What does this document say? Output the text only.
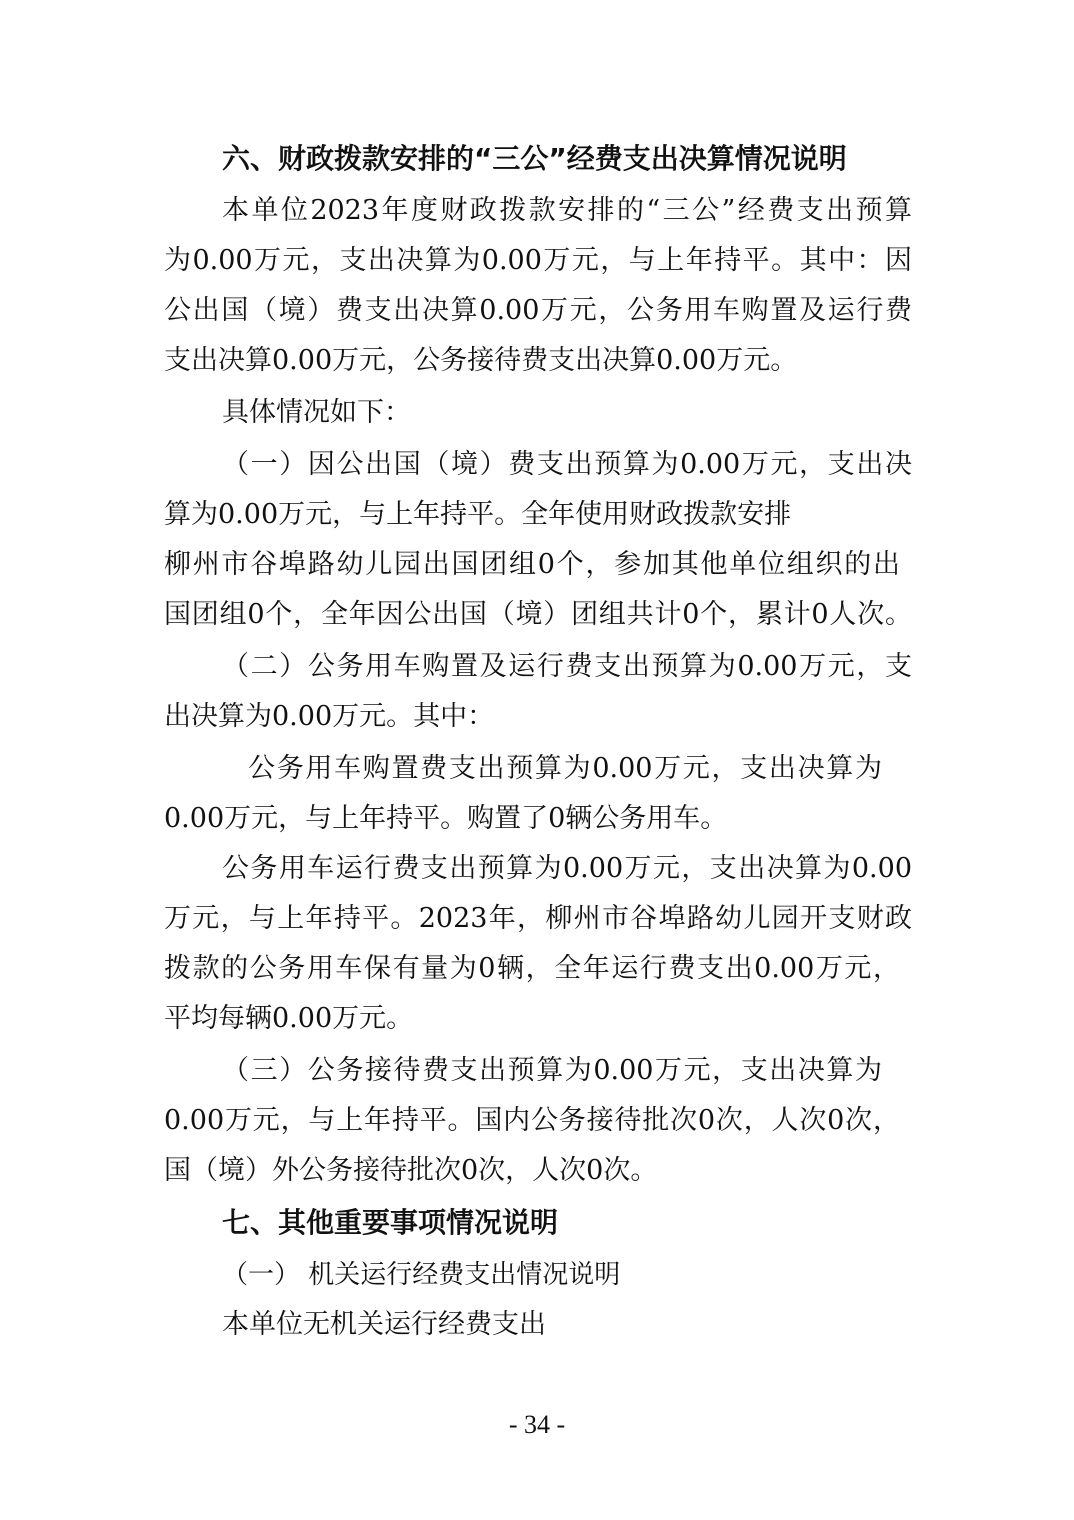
六、财政拨款安排的“三公”经费支出决算情况说明
本单位2023年度财政拨款安排的“三公”经费支出预算
为0.00万元，支出决算为0.00万元，与上年持平。其中：因
公出国（境）费支出决算0.00万元，公务用车购置及运行费
支出决算0.00万元，公务接待费支出决算0.00万元。
具体情况如下：
（一）因公出国（境）费支出预算为0.00万元，支出决
算为0.00万元，与上年持平。全年使用财政拨款安排
柳州市谷埠路幼儿园出国团组0个，参加其他单位组织的出
国团组0个，全年因公出国（境）团组共计0个，累计0人次。
（二）公务用车购置及运行费支出预算为0.00万元，支
出决算为0.00万元。其中：
公务用车购置费支出预算为0.00万元，支出决算为
0.00万元，与上年持平。购置了0辆公务用车。
公务用车运行费支出预算为0.00万元，支出决算为0.00
万元，与上年持平。2023年，柳州市谷埠路幼儿园开支财政
拨款的公务用车保有量为0辆，全年运行费支出0.00万元，
平均每辆0.00万元。
（三）公务接待费支出预算为0.00万元，支出决算为
0.00万元，与上年持平。国内公务接待批次0次，人次0次，
国（境）外公务接待批次0次，人次0次。
七、其他重要事项情况说明
（一） 机关运行经费支出情况说明
本单位无机关运行经费支出
- 34 -
